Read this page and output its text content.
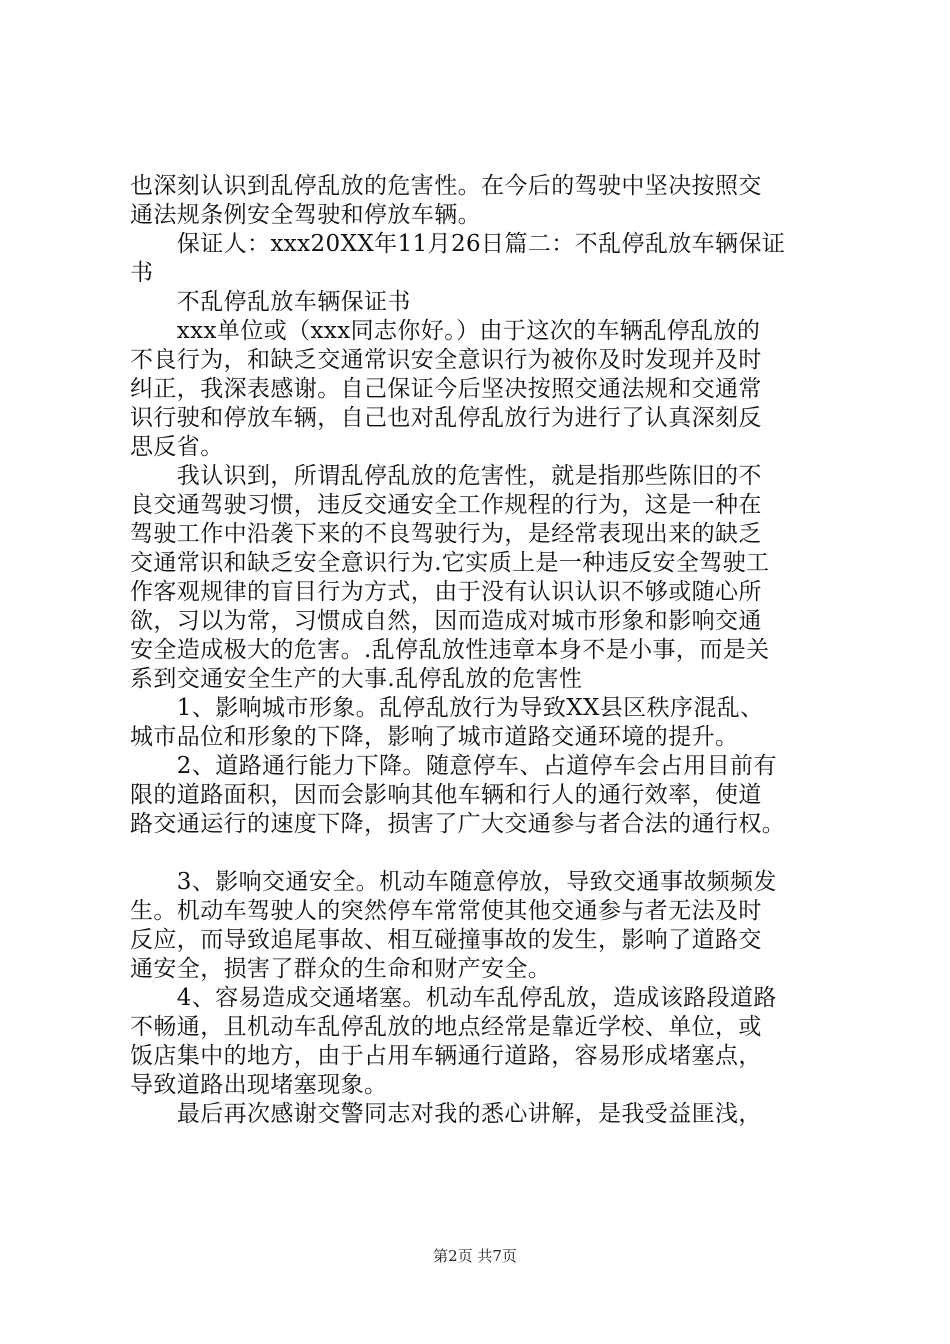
也深刻认识到乱停乱放的危害性。在今后的驾驶中坚决按照交
通法规条例安全驾驶和停放车辆。
　　保证人：xxx20XX年11月26日篇二：不乱停乱放车辆保证
书
　　不乱停乱放车辆保证书
　　xxx单位或（xxx同志你好。）由于这次的车辆乱停乱放的
不良行为，和缺乏交通常识安全意识行为被你及时发现并及时
纠正，我深表感谢。自己保证今后坚决按照交通法规和交通常
识行驶和停放车辆，自己也对乱停乱放行为进行了认真深刻反
思反省。
　　我认识到，所谓乱停乱放的危害性，就是指那些陈旧的不
良交通驾驶习惯，违反交通安全工作规程的行为，这是一种在
驾驶工作中沿袭下来的不良驾驶行为，是经常表现出来的缺乏
交通常识和缺乏安全意识行为.它实质上是一种违反安全驾驶工
作客观规律的盲目行为方式，由于没有认识认识不够或随心所
欲，习以为常，习惯成自然，因而造成对城市形象和影响交通
安全造成极大的危害。.乱停乱放性违章本身不是小事，而是关
系到交通安全生产的大事.乱停乱放的危害性
　　1、影响城市形象。乱停乱放行为导致XX县区秩序混乱、
城市品位和形象的下降，影响了城市道路交通环境的提升。
　　2、道路通行能力下降。随意停车、占道停车会占用目前有
限的道路面积，因而会影响其他车辆和行人的通行效率，使道
路交通运行的速度下降，损害了广大交通参与者合法的通行权。
　　3、影响交通安全。机动车随意停放，导致交通事故频频发
生。机动车驾驶人的突然停车常常使其他交通参与者无法及时
反应，而导致追尾事故、相互碰撞事故的发生，影响了道路交
通安全，损害了群众的生命和财产安全。
　　4、容易造成交通堵塞。机动车乱停乱放，造成该路段道路
不畅通，且机动车乱停乱放的地点经常是靠近学校、单位，或
饭店集中的地方，由于占用车辆通行道路，容易形成堵塞点，
导致道路出现堵塞现象。
　　最后再次感谢交警同志对我的悉心讲解，是我受益匪浅，
第2页 共7页
